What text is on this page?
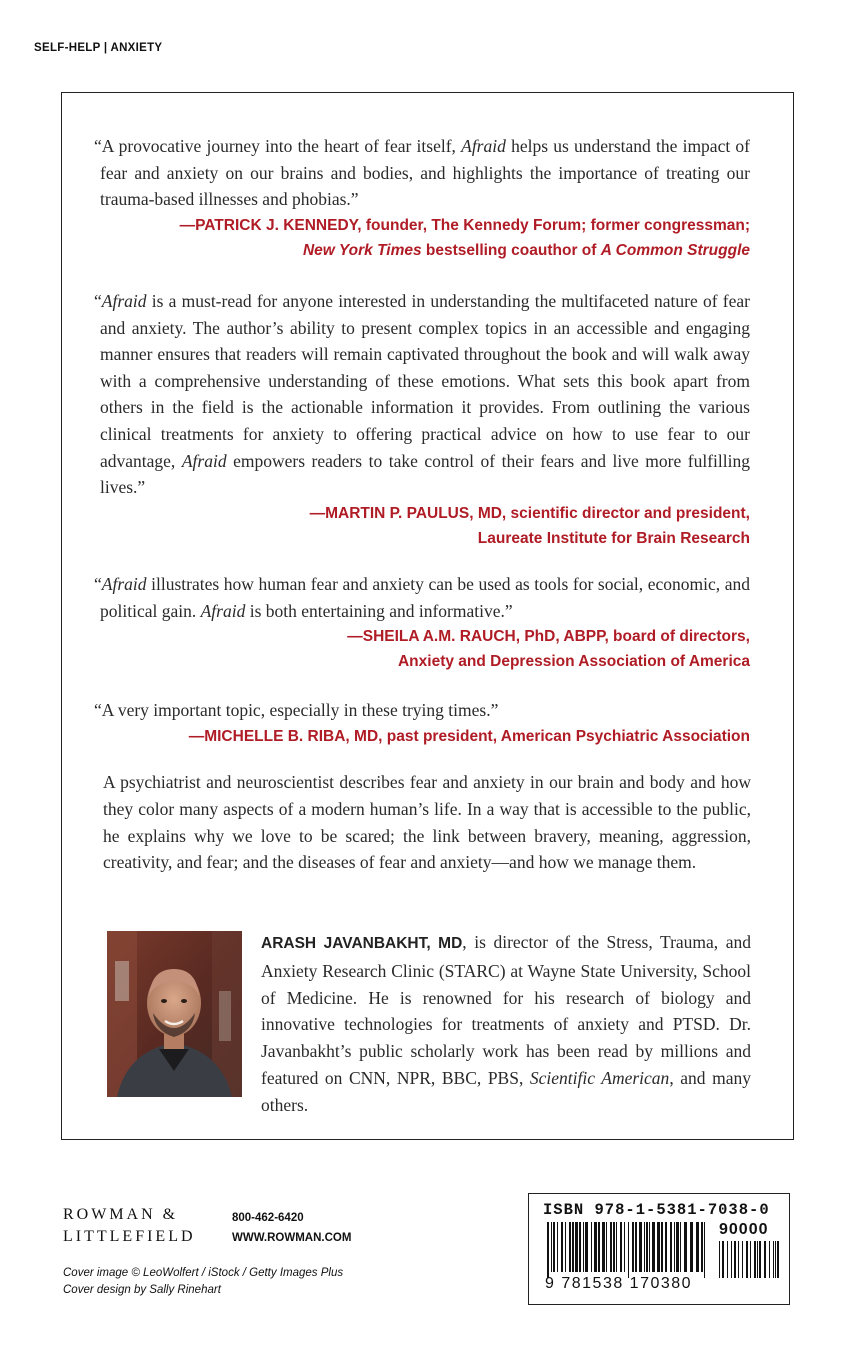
SELF-HELP | ANXIETY

“A provocative journey into the heart of fear itself, Afraid helps us understand the impact of fear and anxiety on our brains and bodies, and highlights the importance of treating our trauma-based illnesses and phobias.”

—PATRICK J. KENNEDY, founder, The Kennedy Forum; former congressman;
New York Times bestselling coauthor of A Common Struggle

“Afraid is a must-read for anyone interested in understanding the multifaceted nature of fear and anxiety. The author’s ability to present complex topics in an accessible and engaging manner ensures that readers will remain captivated throughout the book and will walk away with a comprehensive understanding of these emotions. What sets this book apart from others in the field is the actionable information it provides. From outlining the various clinical treatments for anxiety to offering practical advice on how to use fear to our advantage, Afraid empowers readers to take control of their fears and live more fulfilling lives.”

—MARTIN P. PAULUS, MD, scientific director and president,
Laureate Institute for Brain Research

“Afraid illustrates how human fear and anxiety can be used as tools for social, economic, and political gain. Afraid is both entertaining and informative.”

—SHEILA A.M. RAUCH, PhD, ABPP, board of directors,
Anxiety and Depression Association of America

“A very important topic, especially in these trying times.”

—MICHELLE B. RIBA, MD, past president, American Psychiatric Association

A psychiatrist and neuroscientist describes fear and anxiety in our brain and body and how they color many aspects of a modern human’s life. In a way that is accessible to the public, he explains why we love to be scared; the link between bravery, meaning, aggression, creativity, and fear; and the diseases of fear and anxiety—and how we manage them.

ARASH JAVANBAKHT, MD, is director of the Stress, Trauma, and Anxiety Research Clinic (STARC) at Wayne State University, School of Medicine. He is renowned for his research of biology and innovative technologies for treatments of anxiety and PTSD. Dr. Javanbakht’s public scholarly work has been read by millions and featured on CNN, NPR, BBC, PBS, Scientific American, and many others.

ROWMAN &
LITTLEFIELD
800-462-6420
WWW.ROWMAN.COM
Cover image © LeoWolfert / iStock / Getty Images Plus
Cover design by Sally Rinehart
ISBN 978-1-5381-7038-0
90000
9 781538 170380
